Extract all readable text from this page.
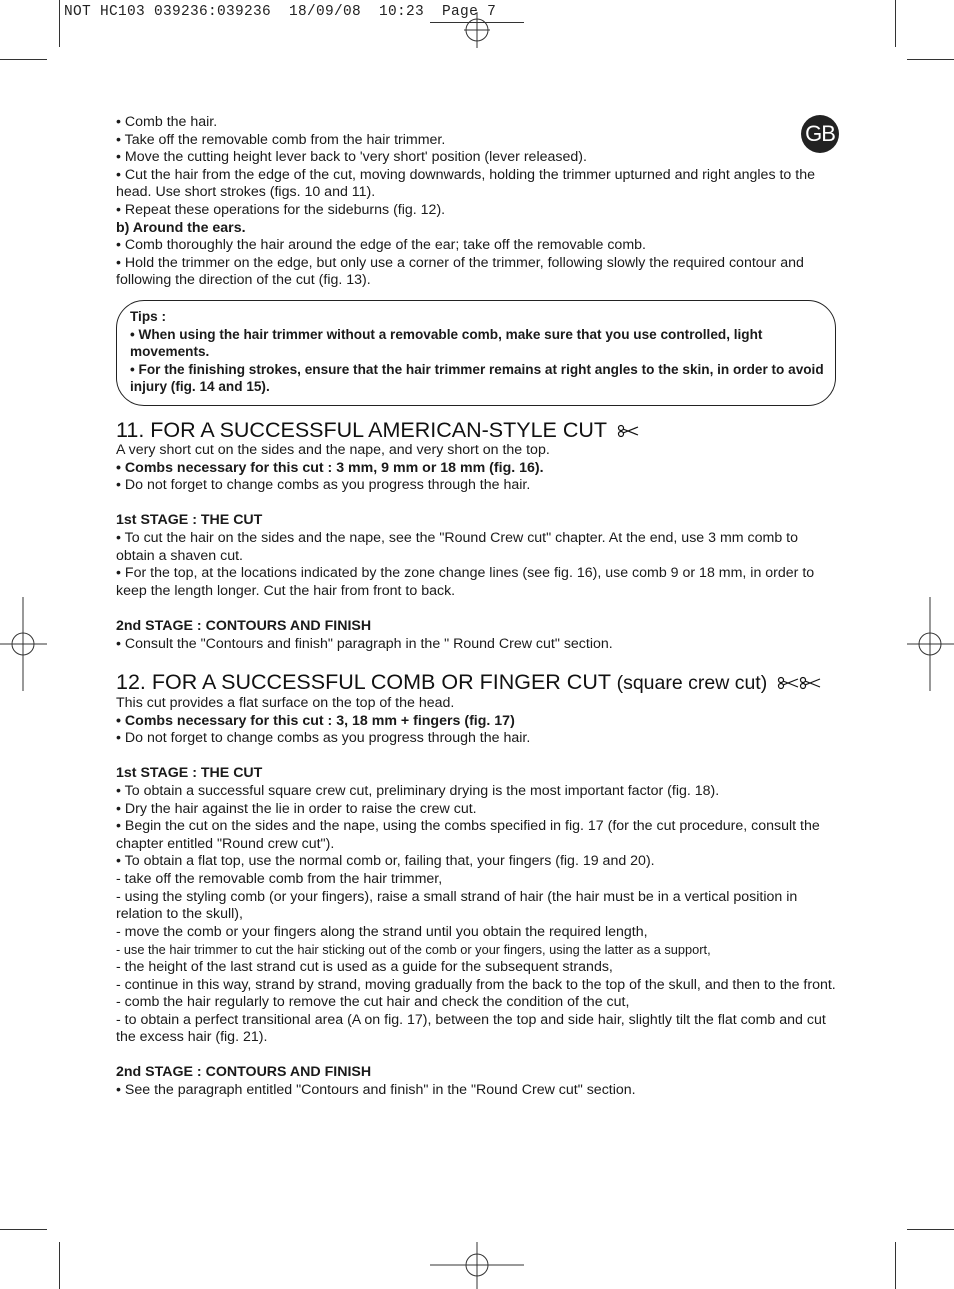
NOT HC103 039236:039236  18/09/08  10:23  Page 7
GB

• Comb the hair.

• Take off the removable comb from the hair trimmer.

• Move the cutting height lever back to 'very short' position (lever released).

• Cut the hair from the edge of the cut, moving downwards, holding the trimmer upturned and right angles to the head. Use short strokes (figs. 10 and 11).

• Repeat these operations for the sideburns (fig. 12).

b) Around the ears.

• Comb thoroughly the hair around the edge of the ear; take off the removable comb.

• Hold the trimmer on the edge, but only use a corner of the trimmer, following slowly the required contour and following the direction of the cut (fig. 13).

Tips :

• When using the hair trimmer without a removable comb, make sure that you use controlled, light movements.

• For the finishing strokes, ensure that the hair trimmer remains at right angles to the skin, in order to avoid injury (fig. 14 and 15).

11. FOR A SUCCESSFUL AMERICAN-STYLE CUT

A very short cut on the sides and the nape, and very short on the top.

• Combs necessary for this cut : 3 mm, 9 mm or 18 mm (fig. 16).

• Do not forget to change combs as you progress through the hair.

1st STAGE : THE CUT

• To cut the hair on the sides and the nape, see the "Round Crew cut" chapter. At the end, use 3 mm comb to obtain a shaven cut.

• For the top, at the locations indicated by the zone change lines (see fig. 16), use comb 9 or 18 mm, in order to keep the length longer. Cut the hair from front to back.

2nd STAGE : CONTOURS AND FINISH

• Consult the "Contours and finish" paragraph in the " Round Crew cut" section.

12. FOR A SUCCESSFUL COMB OR FINGER CUT (square crew cut)

This cut provides a flat surface on the top of the head.

• Combs necessary for this cut : 3, 18 mm + fingers (fig. 17)

• Do not forget to change combs as you progress through the hair.

1st STAGE : THE CUT

• To obtain a successful square crew cut, preliminary drying is the most important factor (fig. 18).

• Dry the hair against the lie in order to raise the crew cut.

• Begin the cut on the sides and the nape, using the combs specified in fig. 17 (for the cut procedure, consult the chapter entitled "Round crew cut").

• To obtain a flat top, use the normal comb or, failing that, your fingers (fig. 19 and 20).

- take off the removable comb from the hair trimmer,

- using the styling comb (or your fingers), raise a small strand of hair (the hair must be in a vertical position in relation to the skull),

- move the comb or your fingers along the strand until you obtain the required length,

- use the hair trimmer to cut the hair sticking out of the comb or your fingers, using the latter as a support,

- the height of the last strand cut is used as a guide for the subsequent strands,

- continue in this way, strand by strand, moving gradually from the back to the top of the skull, and then to the front.

- comb the hair regularly to remove the cut hair and check the condition of the cut,

- to obtain a perfect transitional area (A on fig. 17), between the top and side hair, slightly tilt the flat comb and cut the excess hair (fig. 21).

2nd STAGE : CONTOURS AND FINISH

• See the paragraph entitled "Contours and finish" in the "Round Crew cut" section.
